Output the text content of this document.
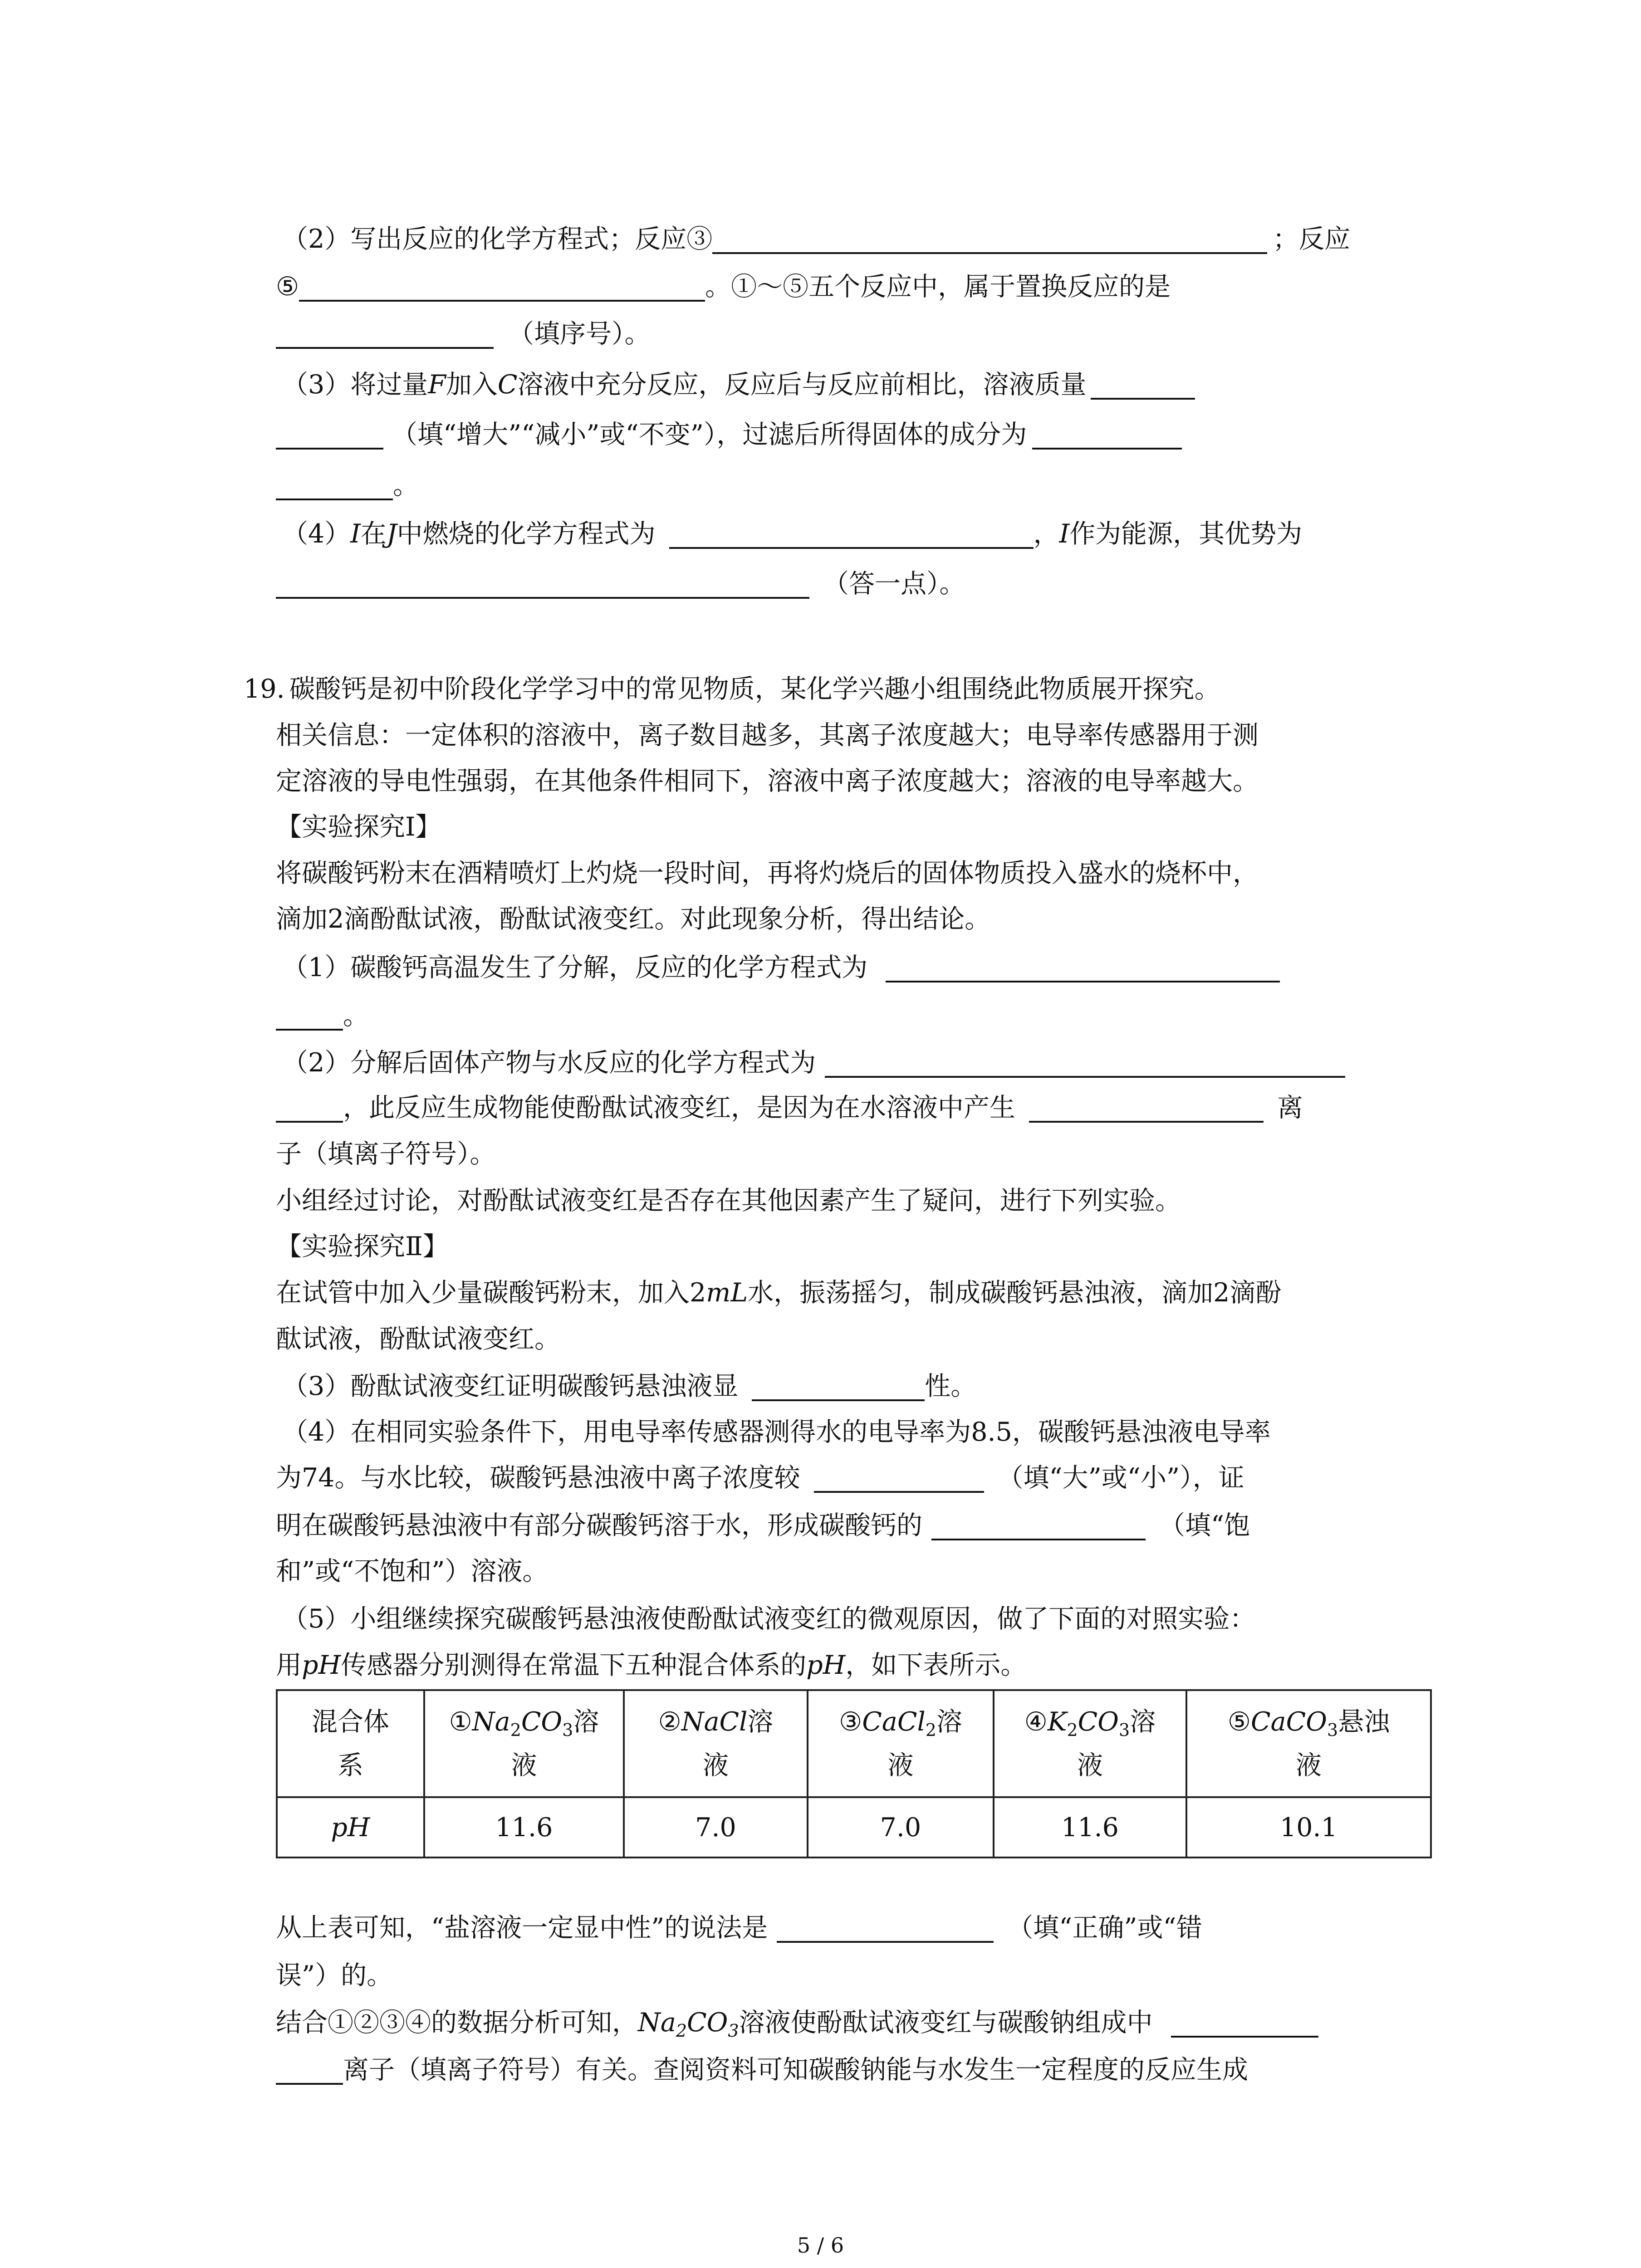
（2）写出反应的化学方程式；反应③	；反应
⑤	。①～⑤五个反应中，属于置换反应的是
（填序号）。
（3）将过量F加入C溶液中充分反应，反应后与反应前相比，溶液质量
（填“增大”“减小”或“不变”），过滤后所得固体的成分为
。
（4）I在J中燃烧的化学方程式为	，I作为能源，其优势为
（答一点）。
19. 碳酸钙是初中阶段化学学习中的常见物质，某化学兴趣小组围绕此物质展开探究。
相关信息：一定体积的溶液中，离子数目越多，其离子浓度越大；电导率传感器用于测
定溶液的导电性强弱，在其他条件相同下，溶液中离子浓度越大；溶液的电导率越大。
【实验探究Ⅰ】
将碳酸钙粉末在酒精喷灯上灼烧一段时间，再将灼烧后的固体物质投入盛水的烧杯中，
滴加2滴酚酞试液，酚酞试液变红。对此现象分析，得出结论。
（1）碳酸钙高温发生了分解，反应的化学方程式为
。
（2）分解后固体产物与水反应的化学方程式为
，此反应生成物能使酚酞试液变红，是因为在水溶液中产生	离
子（填离子符号）。
小组经过讨论，对酚酞试液变红是否存在其他因素产生了疑问，进行下列实验。
【实验探究Ⅱ】
在试管中加入少量碳酸钙粉末，加入2mL水，振荡摇匀，制成碳酸钙悬浊液，滴加2滴酚
酞试液，酚酞试液变红。
（3）酚酞试液变红证明碳酸钙悬浊液显	性。
（4）在相同实验条件下，用电导率传感器测得水的电导率为8.5，碳酸钙悬浊液电导率
为74。与水比较，碳酸钙悬浊液中离子浓度较	（填“大”或“小”），证
明在碳酸钙悬浊液中有部分碳酸钙溶于水，形成碳酸钙的	（填“饱
和”或“不饱和”）溶液。
（5）小组继续探究碳酸钙悬浊液使酚酞试液变红的微观原因，做了下面的对照实验：
用pH传感器分别测得在常温下五种混合体系的pH，如下表所示。
混合体
系	$①Na_2CO_3$溶
液	②NaCl溶
液	③CaCl$_2$溶
液	$④K_2CO_3$溶
液	⑤CaCO$_3$悬浊
液
pH	11.6	7.0	7.0	11.6	10.1
从上表可知，“盐溶液一定显中性”的说法是	（填“正确”或“错
误”）的。
结合①②③④的数据分析可知，$Na_2CO_3$溶液使酚酞试液变红与碳酸钠组成中
离子（填离子符号）有关。查阅资料可知碳酸钠能与水发生一定程度的反应生成
5 / 6
